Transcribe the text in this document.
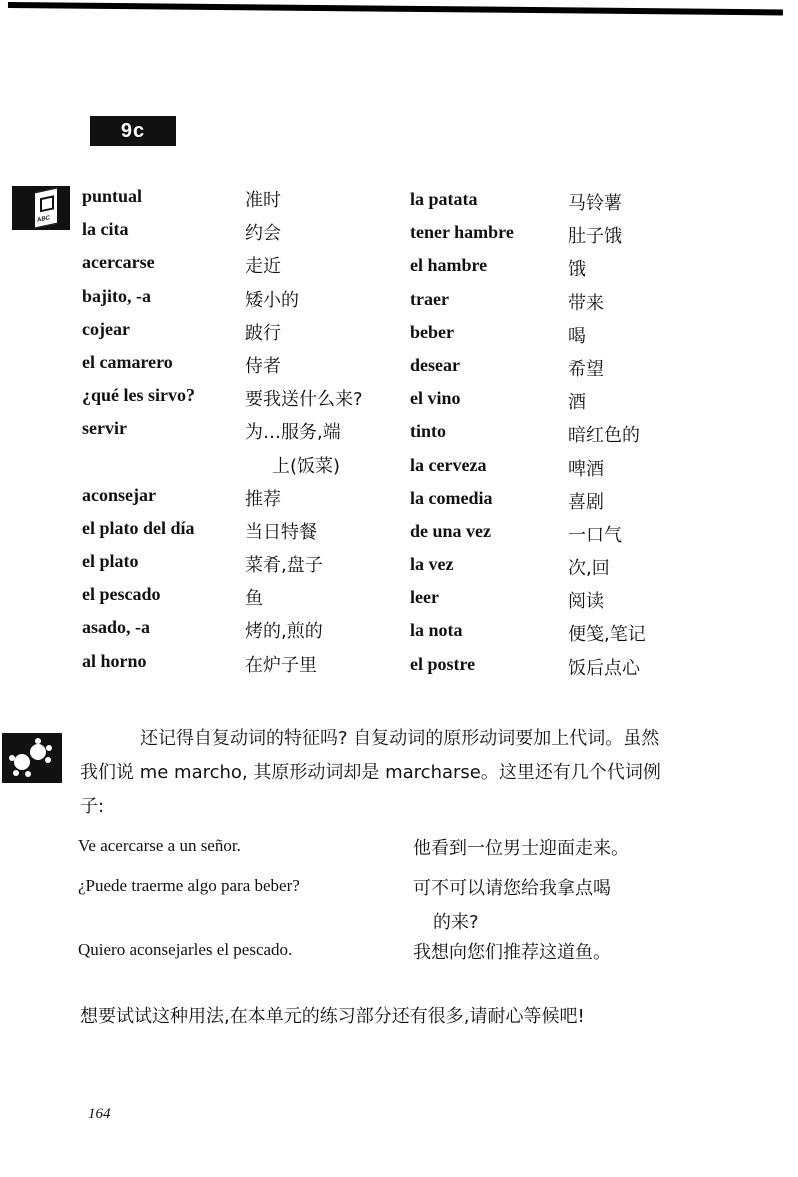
9c
ABC
puntual	准时
la cita	约会
acercarse	走近
bajito, -a	矮小的
cojear	跛行
el camarero	侍者
¿qué les sirvo?	要我送什么来?
servir	为…服务,端
上(饭菜)
aconsejar	推荐
el plato del día	当日特餐
el plato	菜肴,盘子
el pescado	鱼
asado, -a	烤的,煎的
al horno	在炉子里
la patata	马铃薯
tener hambre	肚子饿
el hambre	饿
traer	带来
beber	喝
desear	希望
el vino	酒
tinto	暗红色的
la cerveza	啤酒
la comedia	喜剧
de una vez	一口气
la vez	次,回
leer	阅读
la nota	便笺,笔记
el postre	饭后点心
还记得自复动词的特征吗? 自复动词的原形动词要加上代词。虽然我们说 me marcho, 其原形动词却是 marcharse。这里还有几个代词例子:
Ve acercarse a un señor.	他看到一位男士迎面走来。
¿Puede traerme algo para beber?	可不可以请您给我拿点喝
的来?
Quiero aconsejarles el pescado.	我想向您们推荐这道鱼。
想要试试这种用法,在本单元的练习部分还有很多,请耐心等候吧!
164
